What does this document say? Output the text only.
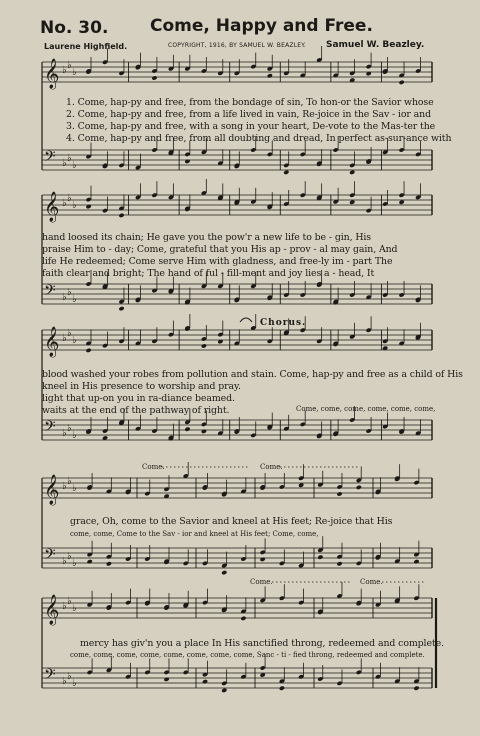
No. 30. Come, Happy and Free.
Laurene Highfield.	COPYRIGHT, 1916, BY SAMUEL W. BEAZLEY. Samuel W. Beazley.
𝄞 ♭ ♭
♭
𝄢 ♭ ♭
♭
𝄞 ♭ ♭
♭
𝄢 ♭ ♭
♭
𝄞 ♭ ♭
♭
𝄢 ♭ ♭
♭
𝄞 ♭ ♭
♭
𝄢 ♭ ♭
♭
𝄞 ♭ ♭
♭
𝄢 ♭ ♭
♭
1. Come, hap-py and free, from the bondage of sin, To hon-or the Savior whose
2. Come, hap-py and free, from a life lived in vain, Re-joice in the Sav - ior and
3. Come, hap-py and free, with a song in your heart, De-vote to the Mas-ter the
4. Come, hap-py and free, from all doubting and dread, In perfect as-sur-ance with
hand loosed its chain; He gave you the pow'r a new life to be - gin, His
praise Him to - day; Come, grateful that you His ap - prov - al may gain, And
life He redeemed; Come serve Him with gladness, and free-ly im - part The
faith clear and bright; The hand of ful - fill-ment and joy lies a - head, It
Chorus.
blood washed your robes from pollution and stain. Come, hap-py and free as a child of His
kneel in His presence to worship and pray.
light that up-on you in ra-diance beamed.
waits at the end of the pathway of right.	Come, come, come, come, come, come,
Come.	Come.
grace, Oh, come to the Savior and kneel at His feet; Re-joice that His
come, come, Come to the Sav - ior and kneel at His feet; Come, come,
Come.	Come.
mercy has giv'n you a place In His sanctified throng, redeemed and complete.
come, come, come, come, come, come, come, come, Sanc - ti - fied throng, redeemed and complete.
